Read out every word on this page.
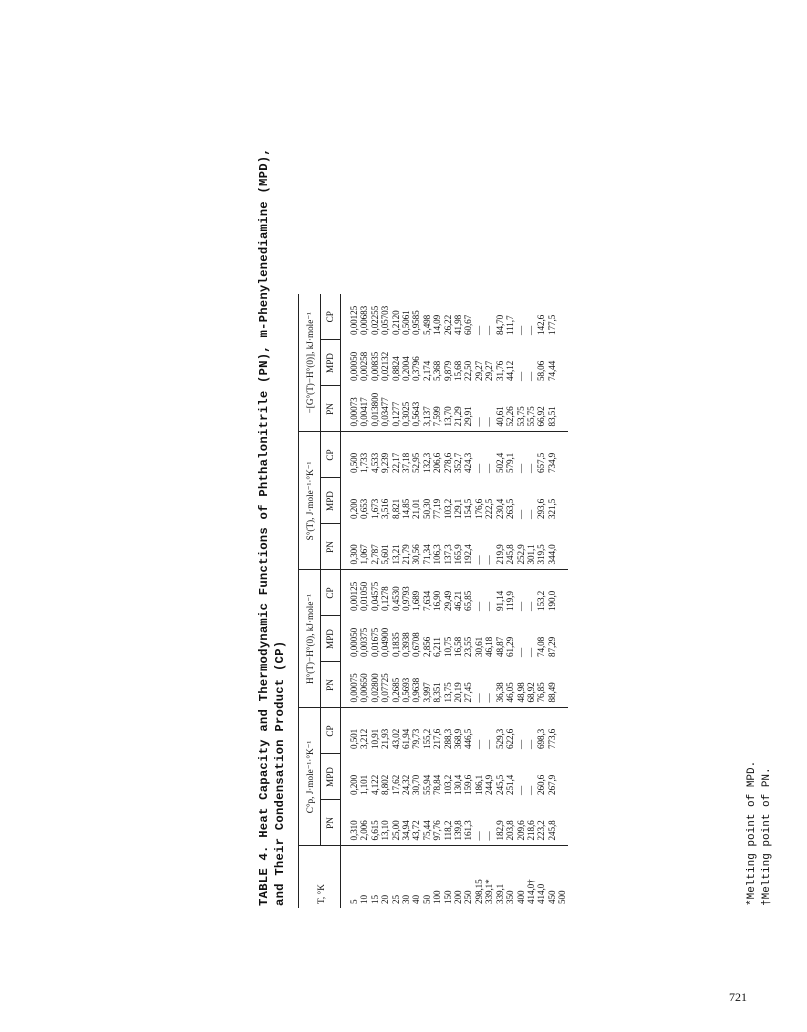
TABLE 4. Heat Capacity and Thermodynamic Functions of Phthalonitrile (PN), m-Phenylenediamine (MPD), and Their Condensation Product (CP)	T, °K	C°p, J·mole⁻¹·°K⁻¹			H°(T)−H°(0), kJ·mole⁻¹			S°(T), J·mole⁻¹·°K⁻¹			−[G°(T)−H°(0)], kJ·mole⁻¹		
	PN	MPD	CP	PN	MPD	CP	PN	MPD	CP	PN	MPD	CP
5	0,310	0,200	0,501	0,00075	0,00050	0,00125	0,300	0,200	0,500	0,00073	0,00050	0,00125
10	2,006	1,101	3,212	0,00650	0,00375	0,01050	1,067	0,653	1,733	0,00417	0,00258	0,00683
15	6,615	4,122	10,91	0,02800	0,01675	0,04575	2,787	1,673	4,533	0,013800	0,00835	0,02255
20	13,10	8,802	21,93	0,07725	0,04900	0,1278	5,601	3,516	9,239	0,03477	0,02132	0,05703
25	25,00	17,62	43,02	0,2685	0,1835	0,4530	13,21	8,821	22,17	0,1277	0,8824	0,2120
30	34,94	24,32	61,94	0,5693	0,3938	0,9793	21,79	14,85	37,18	0,3025	0,2004	0,5061
40	43,72	30,70	79,73	0,9638	0,6708	1,689	30,56	21,01	52,95	0,5643	0,3796	0,9585
50	75,44	55,94	155,2	3,997	2,856	7,634	71,34	50,30	132,3	3,137	2,174	5,498
100	97,76	78,84	217,6	8,351	6,211	16,90	106,3	77,19	206,6	7,599	5,368	14,09
150	118,2	103,2	288,3	13,75	10,75	29,49	137,3	103,2	278,6	13,70	9,879	26,22
200	139,8	130,4	368,9	20,19	16,58	46,21	165,9	129,1	352,7	21,29	15,68	41,98
250	161,3	159,6	446,5	27,45	23,55	65,85	192,4	154,5	424,3	29,91	22,50	60,67
298,15	—	186,1	—	—	30,61	—	—	176,6	—	—	29,27	—
339,1*	—	244,9	—	—	46,18	—	—	222,5	—	—	29,27	—
339,1	182,9	245,5	529,3	36,38	48,87	91,14	219,9	230,4	502,4	40,61	31,76	84,70
350	203,8	251,4	622,6	46,05	61,29	119,9	245,8	263,5	579,1	52,26	44,12	111,7
400	209,6	—	—	48,98	—	—	252,9	—	—	53,75	—	—
414,0†	218,6	—	—	68,92	—	—	301,1	—	—	55,75	—	—
414,0	223,2	260,6	698,3	76,85	74,08	153,2	319,5	293,6	657,5	66,92	58,06	142,6
450	245,8	267,9	773,6	88,49	87,29	190,0	344,0	321,5	734,9	83,51	74,44	177,5
500													*Melting point of MPD. †Melting point of PN.
721
